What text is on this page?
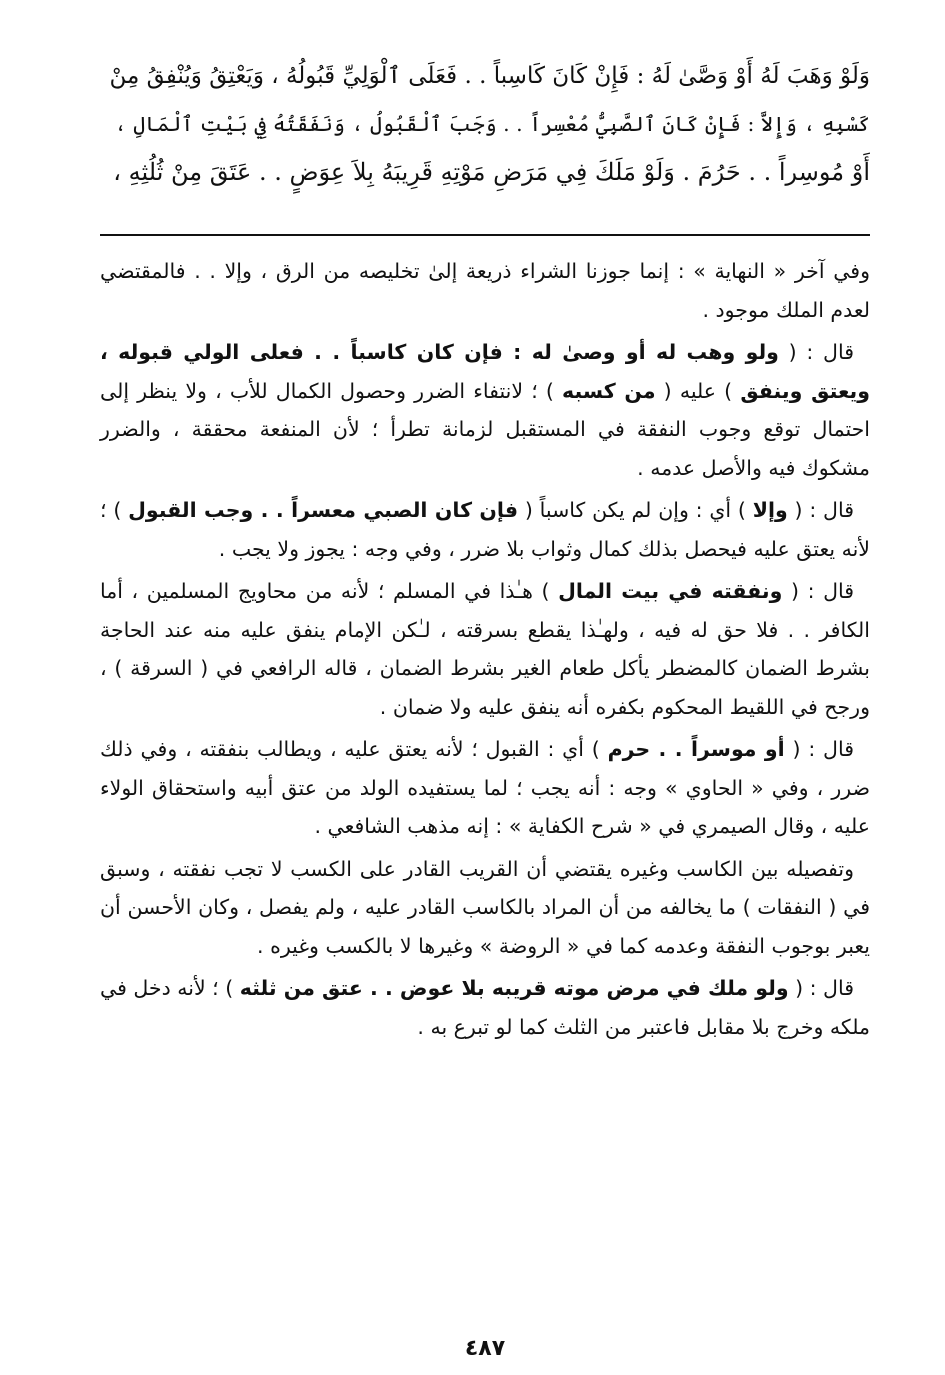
وَلَوْ وَهَبَ لَهُ أَوْ وَصَّىٰ لَهُ : فَإِنْ كَانَ كَاسِباً . . فَعَلَى ٱلْوَلِيِّ قَبُولُهُ ، وَيَعْتِقُ وَيُنْفِقُ مِنْ
كَسْبِهِ ، وَإِلاَّ : فَإِنْ كَانَ ٱلصَّبِيُّ مُعْسِراً . . وَجَبَ ٱلْقَبُولُ ، وَنَفَقَتُهُ فِي بَيْتِ ٱلْمَالِ ،
أَوْ مُوسِراً . . حَرُمَ . وَلَوْ مَلَكَ فِي مَرَضِ مَوْتِهِ قَرِيبَهُ بِلاَ عِوَضٍ . . عَتَقَ مِنْ ثُلُثِهِ ،

وفي آخر « النهاية » : إنما جوزنا الشراء ذريعة إلىٰ تخليصه من الرق ، وإلا . . فالمقتضي لعدم الملك موجود .

قال : ( ولو وهب له أو وصىٰ له : فإن كان كاسباً . . فعلى الولي قبوله ، ويعتق وينفق ) عليه ( من كسبه ) ؛ لانتفاء الضرر وحصول الكمال للأب ، ولا ينظر إلى احتمال توقع وجوب النفقة في المستقبل لزمانة تطرأ ؛ لأن المنفعة محققة ، والضرر مشكوك فيه والأصل عدمه .

قال : ( وإلا ) أي : وإن لم يكن كاسباً ( فإن كان الصبي معسراً . . وجب القبول ) ؛ لأنه يعتق عليه فيحصل بذلك كمال وثواب بلا ضرر ، وفي وجه : يجوز ولا يجب .

قال : ( ونفقته في بيت المال ) هـٰذا في المسلم ؛ لأنه من محاويج المسلمين ، أما الكافر . . فلا حق له فيه ، ولهـٰذا يقطع بسرقته ، لـٰكن الإمام ينفق عليه منه عند الحاجة بشرط الضمان كالمضطر يأكل طعام الغير بشرط الضمان ، قاله الرافعي في ( السرقة ) ، ورجح في اللقيط المحكوم بكفره أنه ينفق عليه ولا ضمان .

قال : ( أو موسراً . . حرم ) أي : القبول ؛ لأنه يعتق عليه ، ويطالب بنفقته ، وفي ذلك ضرر ، وفي « الحاوي » وجه : أنه يجب ؛ لما يستفيده الولد من عتق أبيه واستحقاق الولاء عليه ، وقال الصيمري في « شرح الكفاية » : إنه مذهب الشافعي .

وتفصيله بين الكاسب وغيره يقتضي أن القريب القادر على الكسب لا تجب نفقته ، وسبق في ( النفقات ) ما يخالفه من أن المراد بالكاسب القادر عليه ، ولم يفصل ، وكان الأحسن أن يعبر بوجوب النفقة وعدمه كما في « الروضة » وغيرها لا بالكسب وغيره .

قال : ( ولو ملك في مرض موته قريبه بلا عوض . . عتق من ثلثه ) ؛ لأنه دخل في ملكه وخرج بلا مقابل فاعتبر من الثلث كما لو تبرع به .

٤٨٧
